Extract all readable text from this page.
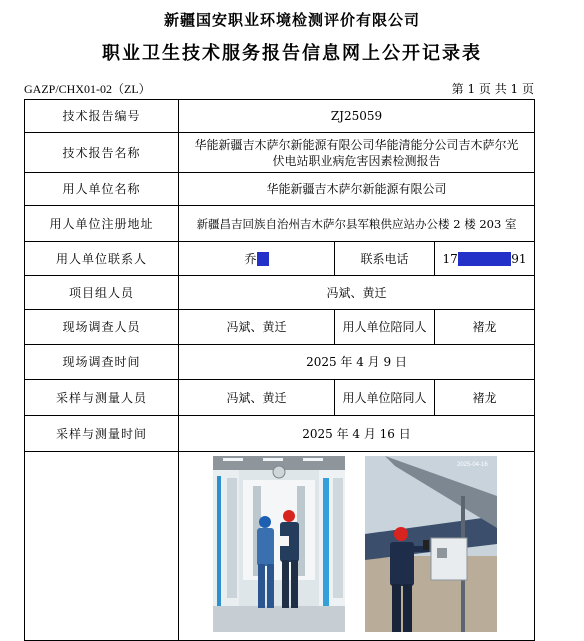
新疆国安职业环境检测评价有限公司
职业卫生技术服务报告信息网上公开记录表
GAZP/CHX01-02（ZL）	第 1 页 共 1 页
技术报告编号	ZJ25059		
技术报告名称	华能新疆吉木萨尔新能源有限公司华能清能分公司吉木萨尔光伏电站职业病危害因素检测报告		
用人单位名称	华能新疆吉木萨尔新能源有限公司		
用人单位注册地址	新疆昌吉回族自治州吉木萨尔县军粮供应站办公楼 2 楼 203 室		
用人单位联系人	乔某	联系电话	17000000091
项目组人员	冯斌、黄迁		
现场调查人员	冯斌、黄迁	用人单位陪同人	褚龙
现场调查时间	2025 年 4 月 9 日		
采样与测量人员	冯斌、黄迁	用人单位陪同人	褚龙
采样与测量时间	2025 年 4 月 16 日		

2025-04-16		
